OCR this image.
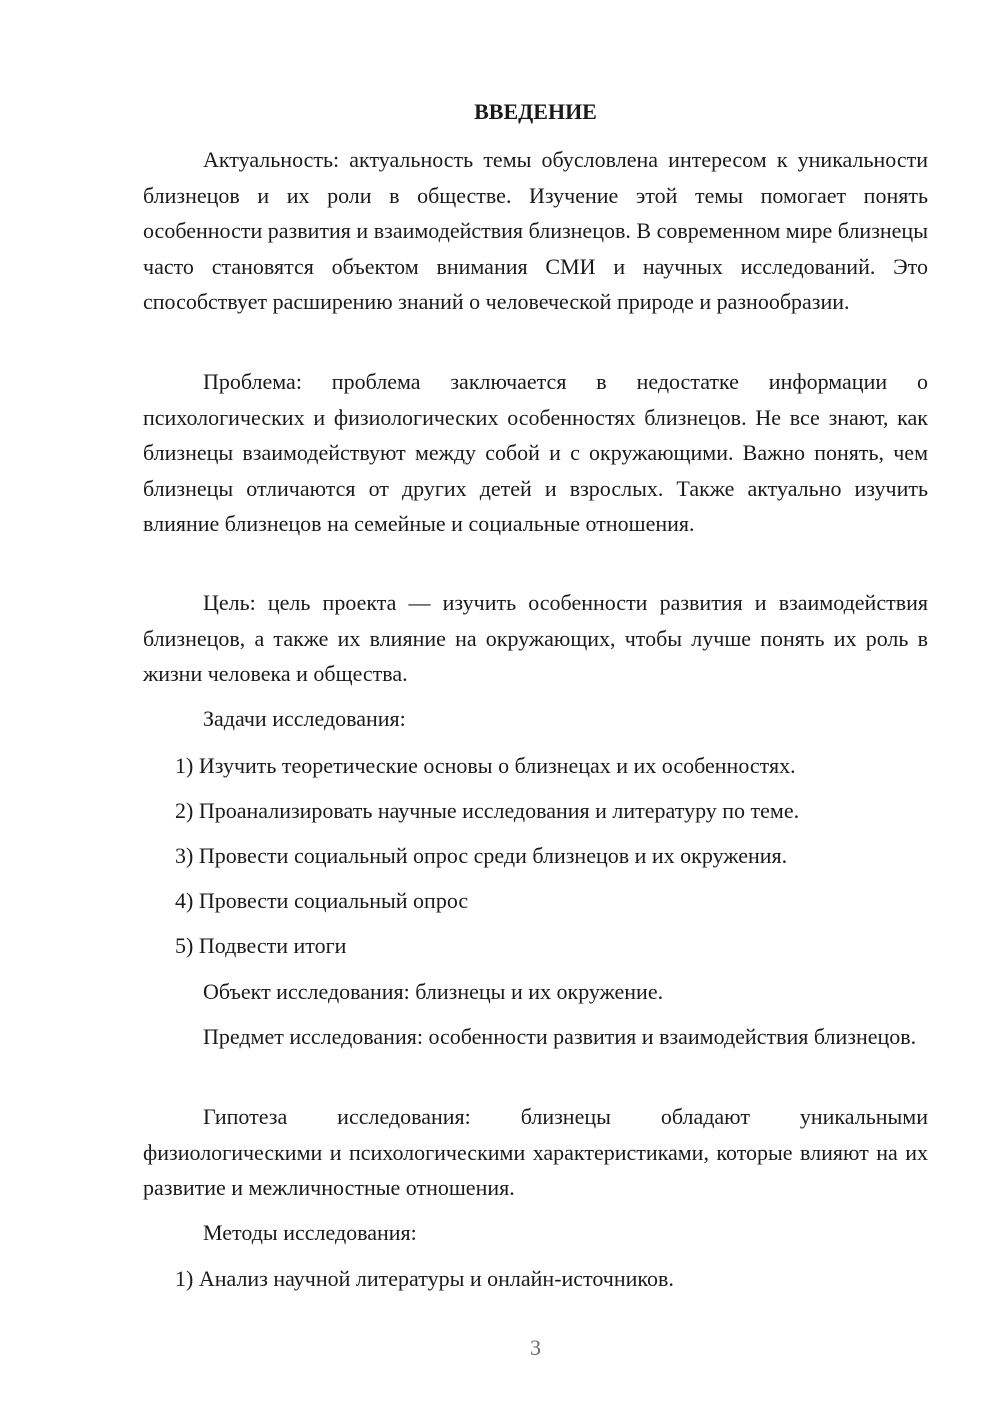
ВВЕДЕНИЕ

Актуальность: актуальность темы обусловлена интересом к уникальности близнецов и их роли в обществе. Изучение этой темы помогает понять особенности развития и взаимодействия близнецов. В современном мире близнецы часто становятся объектом внимания СМИ и научных исследований. Это способствует расширению знаний о человеческой природе и разнообразии.

Проблема: проблема заключается в недостатке информации о психологических и физиологических особенностях близнецов. Не все знают, как близнецы взаимодействуют между собой и с окружающими. Важно понять, чем близнецы отличаются от других детей и взрослых. Также актуально изучить влияние близнецов на семейные и социальные отношения.

Цель: цель проекта — изучить особенности развития и взаимодействия близнецов, а также их влияние на окружающих, чтобы лучше понять их роль в жизни человека и общества.

Задачи исследования:

1) Изучить теоретические основы о близнецах и их особенностях.

2) Проанализировать научные исследования и литературу по теме.

3) Провести социальный опрос среди близнецов и их окружения.

4) Провести социальный опрос

5) Подвести итоги

Объект исследования: близнецы и их окружение.

Предмет исследования: особенности развития и взаимодействия близнецов.

Гипотеза исследования: близнецы обладают уникальными физиологическими и психологическими характеристиками, которые влияют на их развитие и межличностные отношения.

Методы исследования:

1) Анализ научной литературы и онлайн-источников.

3
